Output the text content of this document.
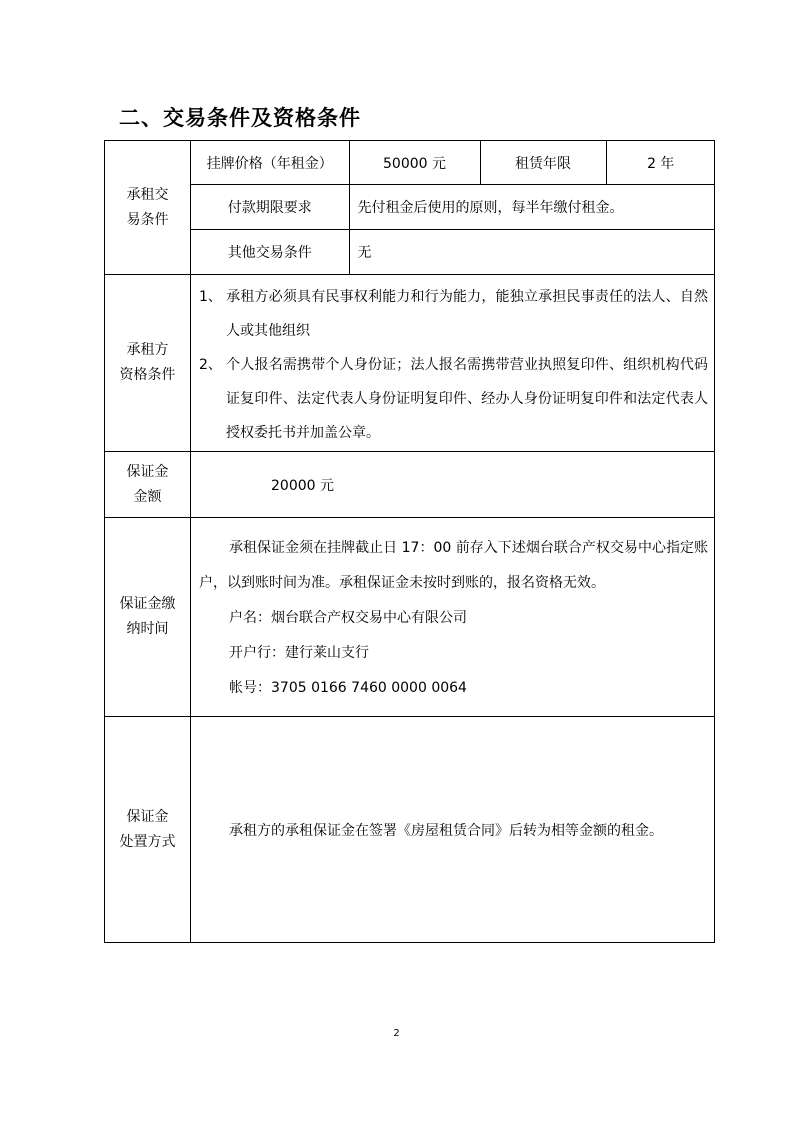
二、交易条件及资格条件
承租交
易条件

挂牌价格（年租金）	50000 元	租赁年限	2 年
付款期限要求	先付租金后使用的原则，每半年缴付租金。
其他交易条件	无

承租方
资格条件

1、 承租方必须具有民事权利能力和行为能力，能独立承担民事责任的法人、自然人或其他组织
2、 个人报名需携带个人身份证；法人报名需携带营业执照复印件、组织机构代码证复印件、法定代表人身份证明复印件、经办人身份证明复印件和法定代表人授权委托书并加盖公章。

保证金
金额

20000 元

保证金缴
纳时间

承租保证金须在挂牌截止日 17：00 前存入下述烟台联合产权交易中心指定账户，以到账时间为准。承租保证金未按时到账的，报名资格无效。
户名：烟台联合产权交易中心有限公司
开户行：建行莱山支行
帐号：3705 0166 7460 0000 0064

保证金
处置方式

承租方的承租保证金在签署《房屋租赁合同》后转为相等金额的租金。
2
